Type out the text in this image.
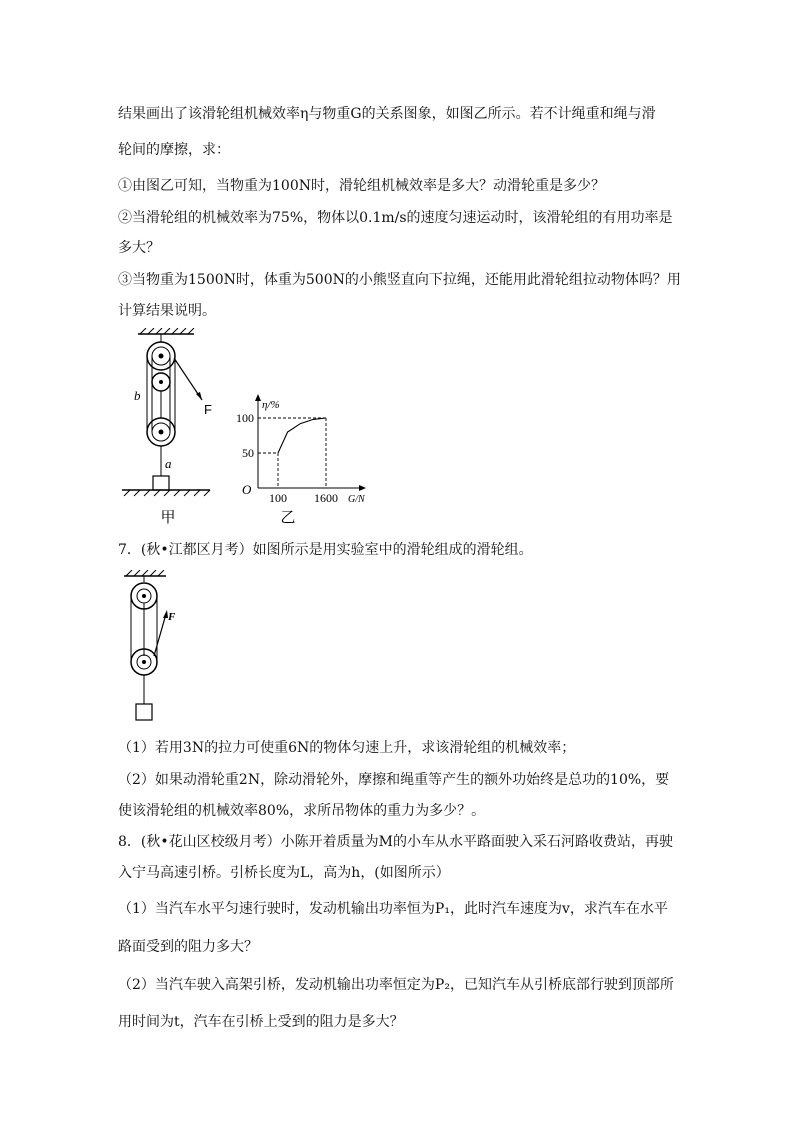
结果画出了该滑轮组机械效率η与物重G的关系图象，如图乙所示。若不计绳重和绳与滑
轮间的摩擦，求：
①由图乙可知，当物重为100N时，滑轮组机械效率是多大？动滑轮重是多少？
②当滑轮组的机械效率为75%，物体以0.1m/s的速度匀速运动时，该滑轮组的有用功率是
多大？
③当物重为1500N时，体重为500N的小熊竖直向下拉绳，还能用此滑轮组拉动物体吗？用
计算结果说明。
b
a
F
甲
100
50
100 1600
η/%
G/N
O
乙
7．(秋•江都区月考）如图所示是用实验室中的滑轮组成的滑轮组。
F
（1）若用3N的拉力可使重6N的物体匀速上升，求该滑轮组的机械效率；
（2）如果动滑轮重2N，除动滑轮外，摩擦和绳重等产生的额外功始终是总功的10%，要
使该滑轮组的机械效率80%，求所吊物体的重力为多少？。
8．(秋•花山区校级月考）小陈开着质量为M的小车从水平路面驶入采石河路收费站，再驶
入宁马高速引桥。引桥长度为L，高为h，(如图所示）
（1）当汽车水平匀速行驶时，发动机输出功率恒为P₁，此时汽车速度为v，求汽车在水平
路面受到的阻力多大？
（2）当汽车驶入高架引桥，发动机输出功率恒定为P₂，已知汽车从引桥底部行驶到顶部所
用时间为t，汽车在引桥上受到的阻力是多大？
